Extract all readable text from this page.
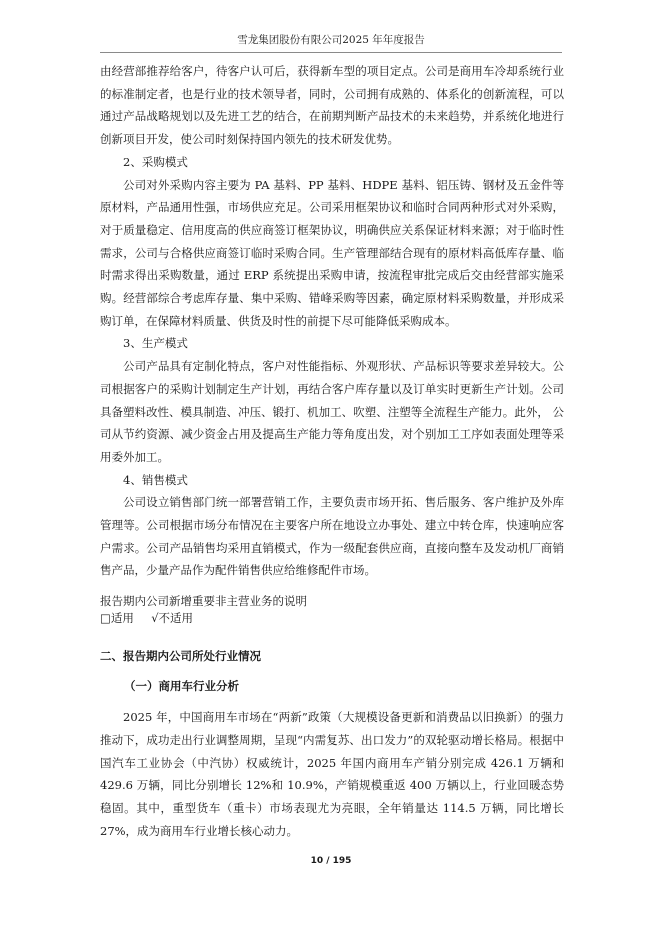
雪龙集团股份有限公司2025 年年度报告

由经营部推荐给客户，待客户认可后，获得新车型的项目定点。公司是商用车冷却系统行业的标准制定者，也是行业的技术领导者，同时，公司拥有成熟的、体系化的创新流程，可以通过产品战略规划以及先进工艺的结合，在前期判断产品技术的未来趋势，并系统化地进行创新项目开发，使公司时刻保持国内领先的技术研发优势。

2、采购模式

公司对外采购内容主要为 PA 基料、PP 基料、HDPE 基料、铝压铸、钢材及五金件等原材料，产品通用性强，市场供应充足。公司采用框架协议和临时合同两种形式对外采购，对于质量稳定、信用度高的供应商签订框架协议，明确供应关系保证材料来源；对于临时性需求，公司与合格供应商签订临时采购合同。生产管理部结合现有的原材料高低库存量、临时需求得出采购数量，通过 ERP 系统提出采购申请，按流程审批完成后交由经营部实施采购。经营部综合考虑库存量、集中采购、错峰采购等因素，确定原材料采购数量，并形成采购订单，在保障材料质量、供货及时性的前提下尽可能降低采购成本。

3、生产模式

公司产品具有定制化特点，客户对性能指标、外观形状、产品标识等要求差异较大。公司根据客户的采购计划制定生产计划，再结合客户库存量以及订单实时更新生产计划。公司具备塑料改性、模具制造、冲压、锻打、机加工、吹塑、注塑等全流程生产能力。此外， 公司从节约资源、减少资金占用及提高生产能力等角度出发，对个别加工工序如表面处理等采用委外加工。

4、销售模式

公司设立销售部门统一部署营销工作，主要负责市场开拓、售后服务、客户维护及外库管理等。公司根据市场分布情况在主要客户所在地设立办事处、建立中转仓库，快速响应客户需求。公司产品销售均采用直销模式，作为一级配套供应商，直接向整车及发动机厂商销售产品，少量产品作为配件销售供应给维修配件市场。

报告期内公司新增重要非主营业务的说明

□适用 √不适用

二、报告期内公司所处行业情况

（一）商用车行业分析

2025 年，中国商用车市场在“两新”政策（大规模设备更新和消费品以旧换新）的强力推动下，成功走出行业调整周期，呈现“内需复苏、出口发力”的双轮驱动增长格局。根据中国汽车工业协会（中汽协）权威统计，2025 年国内商用车产销分别完成 426.1 万辆和 429.6 万辆，同比分别增长 12%和 10.9%，产销规模重返 400 万辆以上，行业回暖态势稳固。其中，重型货车（重卡）市场表现尤为亮眼，全年销量达 114.5 万辆，同比增长 27%，成为商用车行业增长核心动力。

10 / 195
